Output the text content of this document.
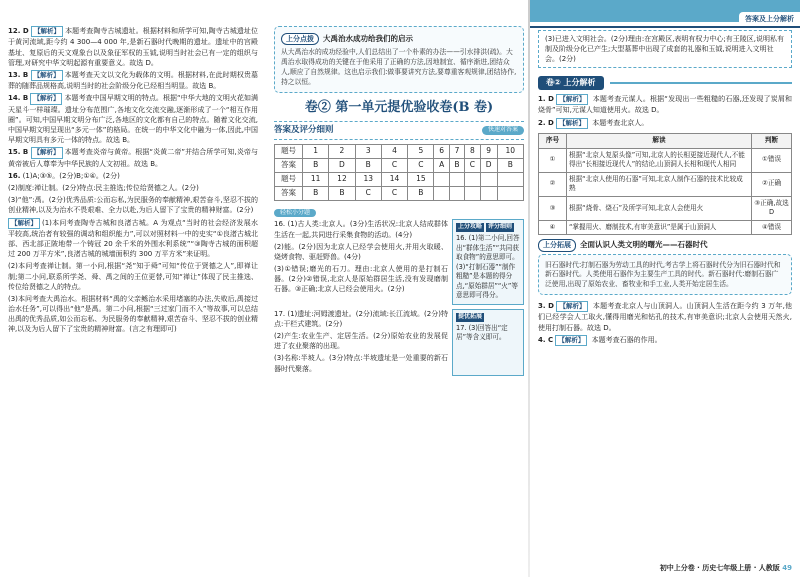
答案及上分解析
12. D 【解析】 本题考查陶寺古城遗址。根据材料和所学可知,陶寺古城遗址位于黄河流域,距今约 4 300—4 000 年,是新石器时代晚期的遗址。遗址中的宫殿基址、复原后的天文观象台以及象征军权的玉钺,说明当时社会已有一定的组织与管理,对研究中华文明起源有重要意义。故选 D。
13. B 【解析】 本题考查天文以文化为载体的文明。根据材料,在此时期权贵墓葬的随葬品规格高,说明当时的社会阶级分化已经相当明显。故选 B。
14. B 【解析】 本题考查中国早期文明的特点。根据“中华大地的文明火花如满天星斗一样璀璨。遗址分布范围广,各地文化交流交融,逐渐形成了一个“相互作用圈”。可知,中国早期文明分布广泛,各地区的文化都有自己的特点。随着文化交流,中国早期文明呈现出“多元一体”的格局。在统一的中华文化中融为一体,因此,中国早期文明具有多元一体的特点。故选 B。
15. B 【解析】 本题考查炎帝与黄帝。根据“炎黄二帝”并结合所学可知,炎帝与黄帝被后人尊奉为中华民族的人文初祖。故选 B。
16. (1)A;③⑤。(2分)B;①④。(2分)
(2)制度:禅让制。(2分)特点:民主推选;传位给贤德之人。(2分)
(3)“他”:禹。(2分)优秀品质:公而忘私,为民服务的奉献精神,艰苦奋斗,坚忍不拔的创业精神,以及为治水不畏艰难、全力以赴,为后人留下了宝贵的精神财富。(2分)
【解析】 (1)本问考查陶寺古城和良渚古城。A 为观点“当时的社会经济发展水平较高,统治者有较强的调动和组织能力”,可以对照材料一中的史实“①良渚古城北部、西北部正陂地带一个铸冠 20 余千米的外围水利系统”“③陶寺古城的面积超过 200 万平方米”,良渚古城的城墙面积约 300 万平方米”来证明。
(2)本问考查禅让制。第一小问,根据“尧”知于舜”可知“传位于贤德之人”,即禅让制;第二小问,联系所学尧、舜、禹之间的王位更替,可知“禅让”体现了民主推选、传位给贤德之人的特点。
(3)本问考查大禹治水。根据材料“禹的父亲鲧治水采用堵塞的办法,失败后,禹接过治水任务”,可以得出“他”是禹。第二小问,根据“三过家门而不入”等故事,可以总结出禹的优秀品质,如公而忘私、为民服务的奉献精神,艰苦奋斗、坚忍不拔的创业精神,以及为后人留下了宝贵的精神财富。(言之有理即可)
上分点拨	大禹治水成功给我们的启示
从大禹治水的成功经验中,人们总结出了一个朴素的办法——引水排洪(疏)。大禹治水取得成功的关键在于他采用了正确的方法,因地制宜、循序渐进,团结众人,顺应了自然规律。这也启示我们:做事要讲究方法,要尊重客观规律,团结协作,持之以恒。
卷② 第一单元提优验收卷(B 卷)
答案及评分细则	快速对答案
题号	1	2	3	4	5	6	7	8	9	10
答案	B	D	B	C	C	A	B	C	D	B
题号	11	12	13	14	15					
答案	B	B	C	C	B					
轻松小分题
16. (1)古人类:北京人。(3分)生活状况:北京人结成群体生活在一起,共同进行采集食物的活动。(4分)
(2)能。(2分)因为北京人已经学会使用火,并用火取暖、烧烤食物、驱赶野兽。(4分)
(3)①错误;磨光的石刀。理由:北京人使用的是打制石器。(2分)②错误,北京人是原始群居生活,没有发现磨制石器。③正确;北京人已经会使用火。(2分)
上分攻略	评分细则
16. (1)第二小问,回答出“群体生活”“共同获取食物”的意思即可。(3)“打制石器”“制作粗糙”是本题的得分点,“原始群居”“火”等意思即可得分。
17. (1)遗址:河姆渡遗址。(2分)流域:长江流域。(2分)特点:干栏式建筑。(2分)
(2)产生:农业生产、定居生活。(2分)原始农业的发展促进了农业聚落的出现。
(3)名称:半坡人。(3分)特点:半坡遗址是一处重要的新石器时代聚落。
提优拓展
17. (3)回答出“定居”等含义即可。
(3)已进入文明社会。(2分)理由:在宫殿区,表明有权力中心;有王陵区,说明私有制及阶级分化已产生;大型墓葬中出现了成套的礼器和玉钺,说明进入文明社会。(2分)
卷② 上分解析
1. D 【解析】 本题考查元谋人。根据“发现出一些粗糙的石器,还发现了炭屑和烧骨”可知,元谋人知道使用火。故选 D。
2. D 【解析】 本题考查北京人。
序号	解读	判断
①	根据“北京人复原头像”可知,北京人的长相更接近现代人,不能得出“长相接近现代人”的结论,山顶洞人长相和现代人相同	①错误
②	根据“北京人使用的石器”可知,北京人制作石器的技术比较成熟	②正确
③	根据“烧骨、烧石”及所学可知,北京人会使用火	③正确,故选 D
④	“掌握用火、磨制技术,有审美意识”是属于山顶洞人	④错误
上分拓展	全面认识人类文明的曙光——石器时代
旧石器时代:打制石器为劳动工具的时代,考古学上将石器时代分为旧石器时代和新石器时代。人类使用石器作为主要生产工具的时代。新石器时代:磨制石器广泛使用,出现了原始农业、畜牧业和手工业,人类开始定居生活。
3. D 【解析】 本题考查北京人与山顶洞人。山顶洞人生活在距今约 3 万年,他们已经学会人工取火,懂得用磨光和钻孔的技术,有审美意识;北京人会使用天然火,使用打制石器。故选 D。
4. C 【解析】 本题考查石器的作用。
初中上分卷 · 历史七年级上册 · 人教版 49
